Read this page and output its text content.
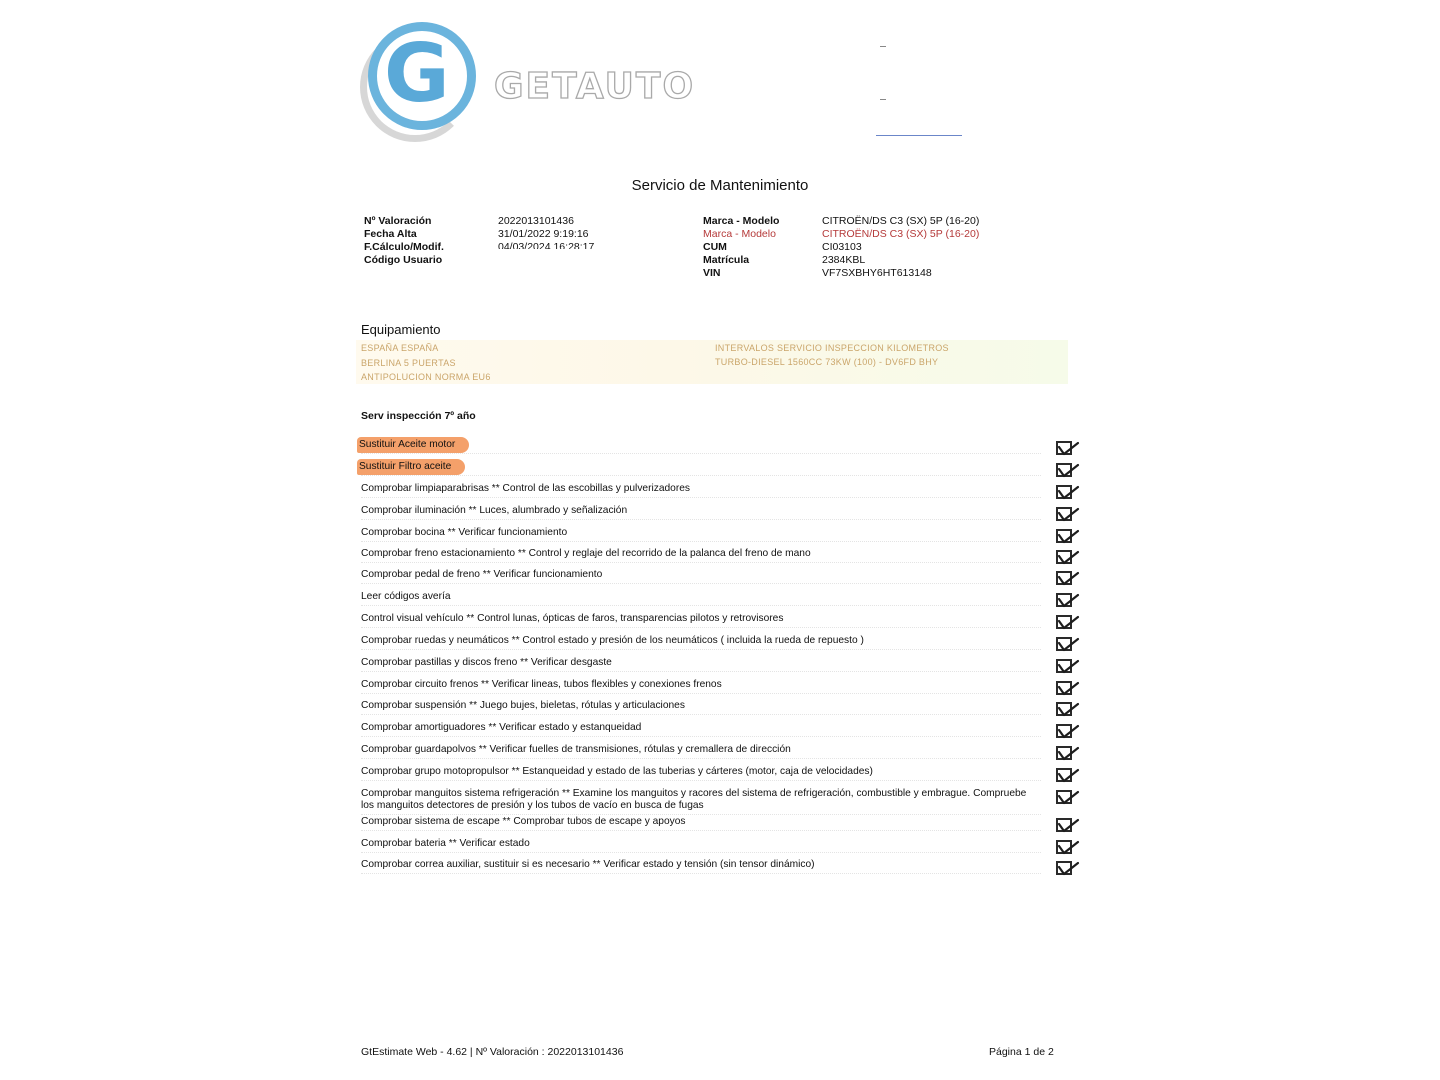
G GETAUTO
Servicio de Mantenimiento
Nº Valoración	2022013101436
Fecha Alta	31/01/2022 9:19:16
F.Cálculo/Modif.	04/03/2024 16:28:17
Código Usuario
Marca - Modelo	CITROËN/DS C3 (SX) 5P (16-20)
Marca - Modelo	CITROËN/DS C3 (SX) 5P (16-20)
CUM	CI03103
Matrícula	2384KBL
VIN	VF7SXBHY6HT613148
Equipamiento
ESPAÑA ESPAÑA
BERLINA 5 PUERTAS
ANTIPOLUCION NORMA EU6
INTERVALOS SERVICIO INSPECCION KILOMETROS
TURBO-DIESEL 1560CC 73KW (100) - DV6FD BHY
Serv inspección 7º año
Sustituir Aceite motor
Sustituir Filtro aceite
Comprobar limpiaparabrisas ** Control de las escobillas y pulverizadores
Comprobar iluminación ** Luces, alumbrado y señalización
Comprobar bocina ** Verificar funcionamiento
Comprobar freno estacionamiento ** Control y reglaje del recorrido de la palanca del freno de mano
Comprobar pedal de freno ** Verificar funcionamiento
Leer códigos avería
Control visual vehículo ** Control lunas, ópticas de faros, transparencias pilotos y retrovisores
Comprobar ruedas y neumáticos ** Control estado y presión de los neumáticos ( incluida la rueda de repuesto )
Comprobar pastillas y discos freno ** Verificar desgaste
Comprobar circuito frenos ** Verificar lineas, tubos flexibles y conexiones frenos
Comprobar suspensión ** Juego bujes, bieletas, rótulas y articulaciones
Comprobar amortiguadores ** Verificar estado y estanqueidad
Comprobar guardapolvos ** Verificar fuelles de transmisiones, rótulas y cremallera de dirección
Comprobar grupo motopropulsor ** Estanqueidad y estado de las tuberias y cárteres (motor, caja de velocidades)
Comprobar manguitos sistema refrigeración ** Examine los manguitos y racores del sistema de refrigeración, combustible y embrague. Compruebe los manguitos detectores de presión y los tubos de vacío en busca de fugas
Comprobar sistema de escape ** Comprobar tubos de escape y apoyos
Comprobar bateria ** Verificar estado
Comprobar correa auxiliar, sustituir si es necesario ** Verificar estado y tensión (sin tensor dinámico)
GtEstimate Web - 4.62 | Nº Valoración : 2022013101436	Página 1 de 2
